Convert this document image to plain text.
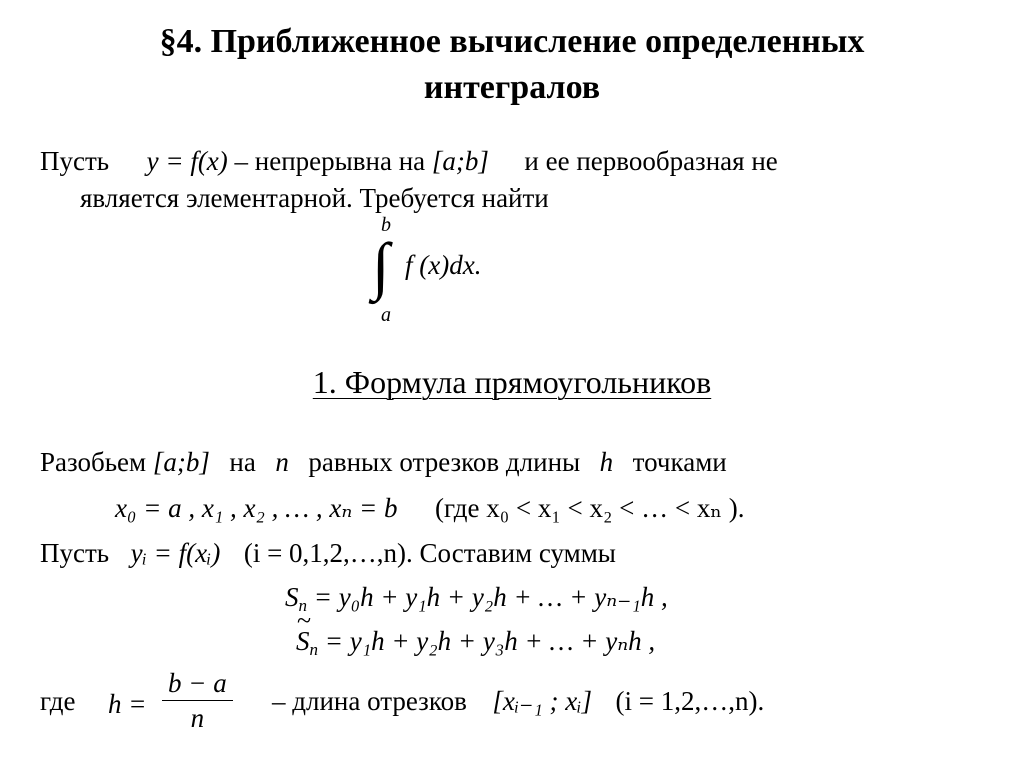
§4. Приближенное вычисление определенных
интегралов
Пусть y = f(x) – непрерывна на [a;b] и ее первообразная не
является элементарной. Требуется найти
b
∫ f (x)dx.
a
1. Формула прямоугольников
Разобьем [a;b] на n равных отрезков длины h точками
x₀ = a , x₁ , x₂ , … , xₙ = b (где x₀ < x₁ < x₂ < … < xₙ ).
Пусть yᵢ = f(xᵢ) (i = 0,1,2,…,n). Составим суммы
$S_n = y_0h + y_1h + y_2h$ + … + yₙ₋₁h ,
~ $S_n = y_1h + y_2h + y_3h$ + … + yₙh ,
где $h = \frac{b - a}{n}$ – длина отрезков [xᵢ₋₁ ; xᵢ] (i = 1,2,…,n).
